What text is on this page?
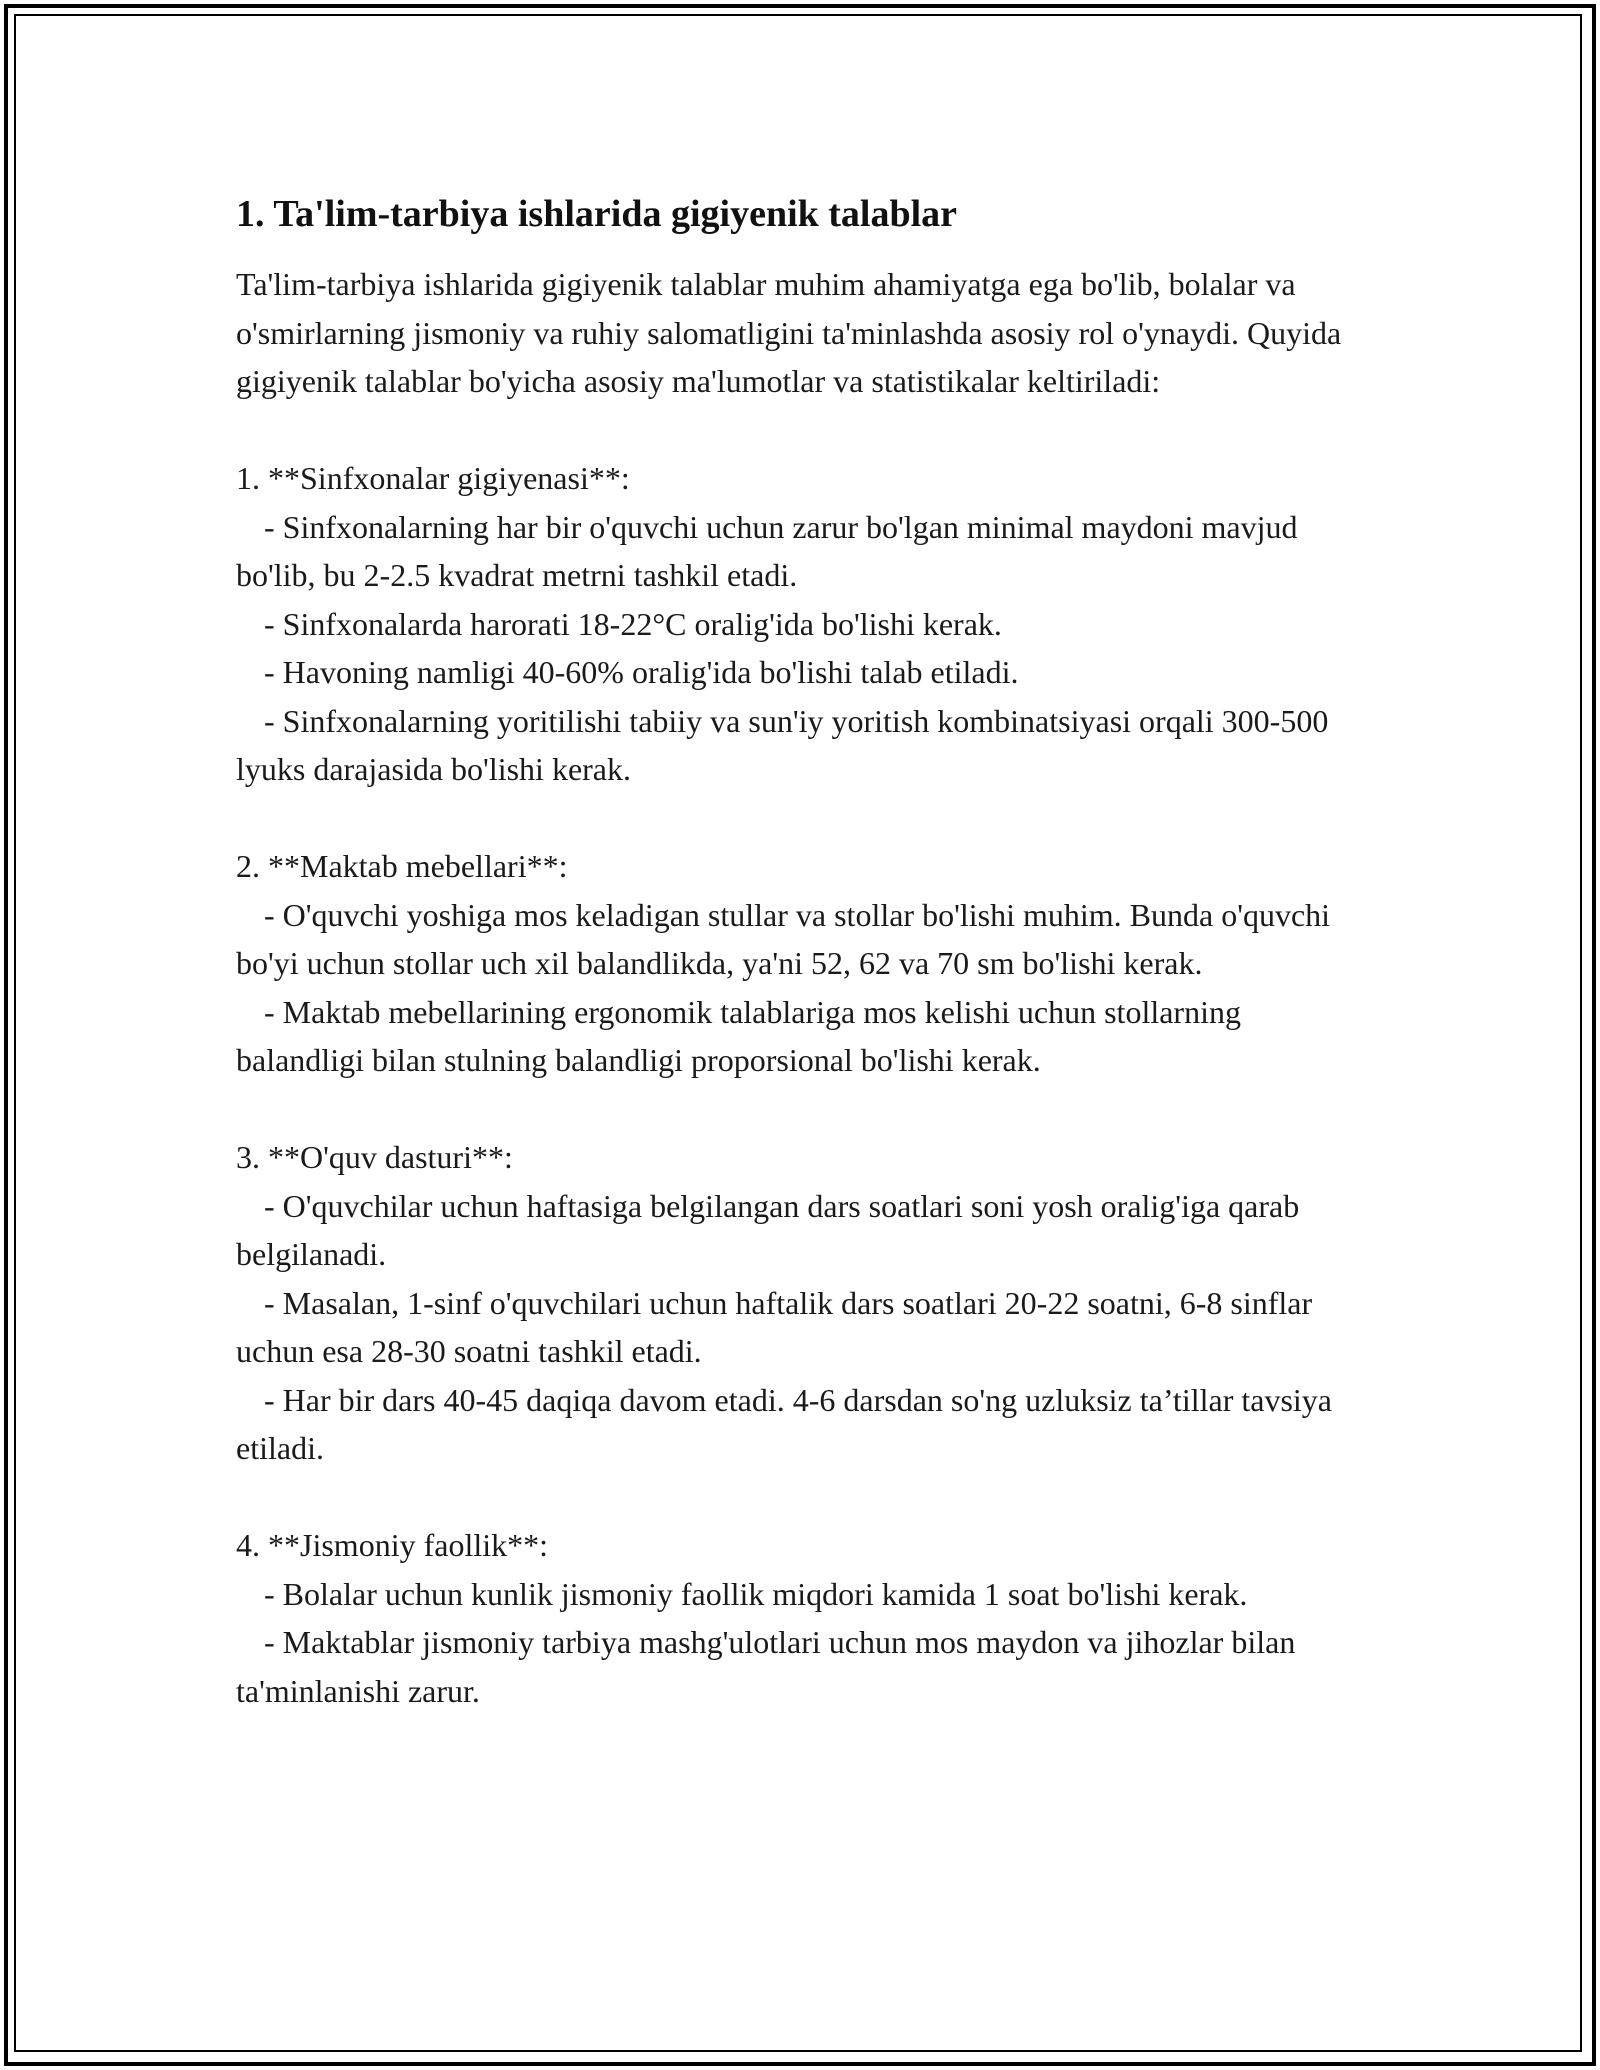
1. Ta'lim-tarbiya ishlarida gigiyenik talablar

Ta'lim-tarbiya ishlarida gigiyenik talablar muhim ahamiyatga ega bo'lib, bolalar va o'smirlarning jismoniy va ruhiy salomatligini ta'minlashda asosiy rol o'ynaydi. Quyida gigiyenik talablar bo'yicha asosiy ma'lumotlar va statistikalar keltiriladi:

1. **Sinfxonalar gigiyenasi**:

- Sinfxonalarning har bir o'quvchi uchun zarur bo'lgan minimal maydoni mavjud bo'lib, bu 2-2.5 kvadrat metrni tashkil etadi.

- Sinfxonalarda harorati 18-22°C oralig'ida bo'lishi kerak.

- Havoning namligi 40-60% oralig'ida bo'lishi talab etiladi.

- Sinfxonalarning yoritilishi tabiiy va sun'iy yoritish kombinatsiyasi orqali 300-500 lyuks darajasida bo'lishi kerak.

2. **Maktab mebellari**:

- O'quvchi yoshiga mos keladigan stullar va stollar bo'lishi muhim. Bunda o'quvchi bo'yi uchun stollar uch xil balandlikda, ya'ni 52, 62 va 70 sm bo'lishi kerak.

- Maktab mebellarining ergonomik talablariga mos kelishi uchun stollarning balandligi bilan stulning balandligi proporsional bo'lishi kerak.

3. **O'quv dasturi**:

- O'quvchilar uchun haftasiga belgilangan dars soatlari soni yosh oralig'iga qarab belgilanadi.

- Masalan, 1-sinf o'quvchilari uchun haftalik dars soatlari 20-22 soatni, 6-8 sinflar uchun esa 28-30 soatni tashkil etadi.

- Har bir dars 40-45 daqiqa davom etadi. 4-6 darsdan so'ng uzluksiz ta’tillar tavsiya etiladi.

4. **Jismoniy faollik**:

- Bolalar uchun kunlik jismoniy faollik miqdori kamida 1 soat bo'lishi kerak.

- Maktablar jismoniy tarbiya mashg'ulotlari uchun mos maydon va jihozlar bilan ta'minlanishi zarur.
